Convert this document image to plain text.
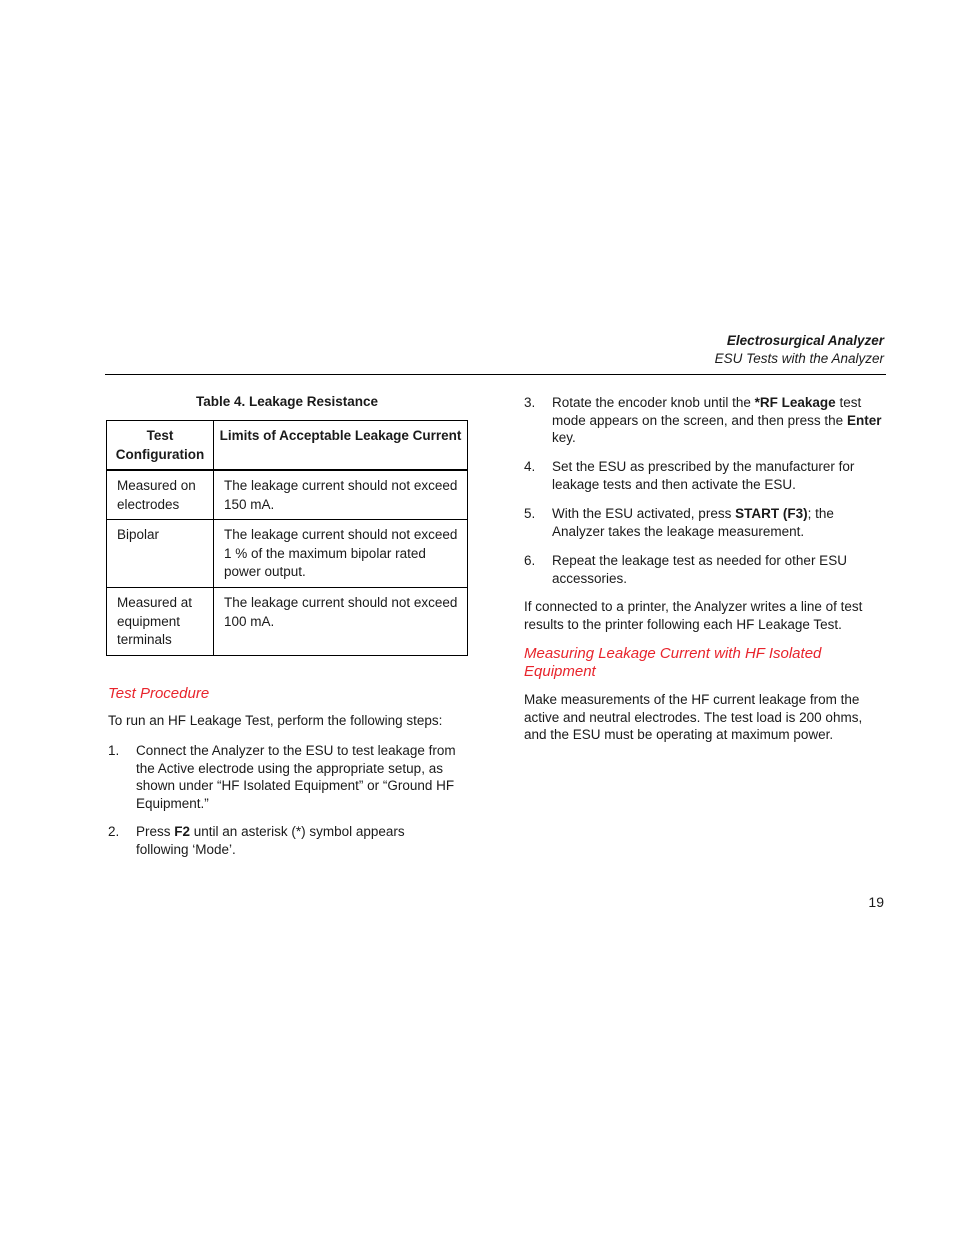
Electrosurgical Analyzer
ESU Tests with the Analyzer
Table 4. Leakage Resistance
Test Configuration	Limits of Acceptable Leakage Current
Measured on electrodes	The leakage current should not exceed 150 mA.
Bipolar	The leakage current should not exceed 1 % of the maximum bipolar rated power output.
Measured at equipment terminals	The leakage current should not exceed 100 mA.
Test Procedure
To run an HF Leakage Test, perform the following steps:
1. Connect the Analyzer to the ESU to test leakage from the Active electrode using the appropriate setup, as shown under “HF Isolated Equipment” or “Ground HF Equipment.”
2. Press F2 until an asterisk (*) symbol appears following ‘Mode’.
3. Rotate the encoder knob until the *RF Leakage test mode appears on the screen, and then press the Enter key.
4. Set the ESU as prescribed by the manufacturer for leakage tests and then activate the ESU.
5. With the ESU activated, press START (F3); the Analyzer takes the leakage measurement.
6. Repeat the leakage test as needed for other ESU accessories.
If connected to a printer, the Analyzer writes a line of test results to the printer following each HF Leakage Test.
Measuring Leakage Current with HF Isolated Equipment
Make measurements of the HF current leakage from the active and neutral electrodes. The test load is 200 ohms, and the ESU must be operating at maximum power.
19
